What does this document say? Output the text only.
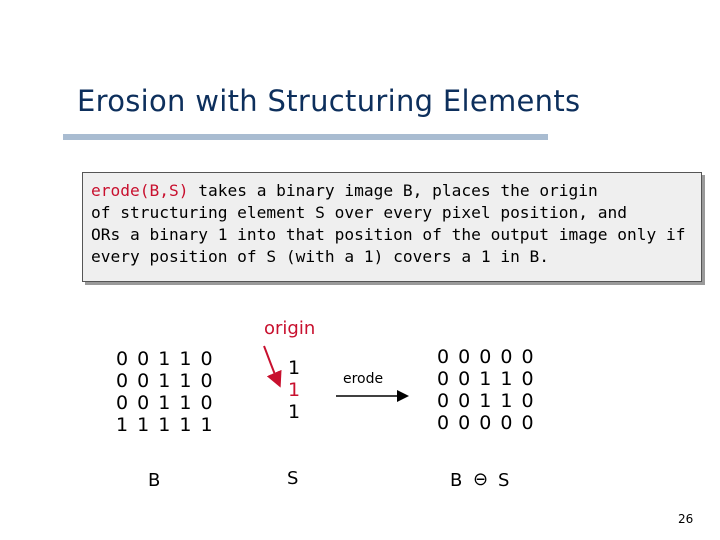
Erosion with Structuring Elements

erode(B,S) takes a binary image B, places the origin
of structuring element S over every pixel position, and
ORs a binary 1 into that position of the output image only if
every position of S (with a 1) covers a 1 in B.

origin
0 0 1 1 0
0 0 1 1 0
0 0 1 1 0
1 1 1 1 1
B
1
1
1
S
erode
0 0 0 0 0
0 0 1 1 0
0 0 1 1 0
0 0 0 0 0
B ⊖ S
26
